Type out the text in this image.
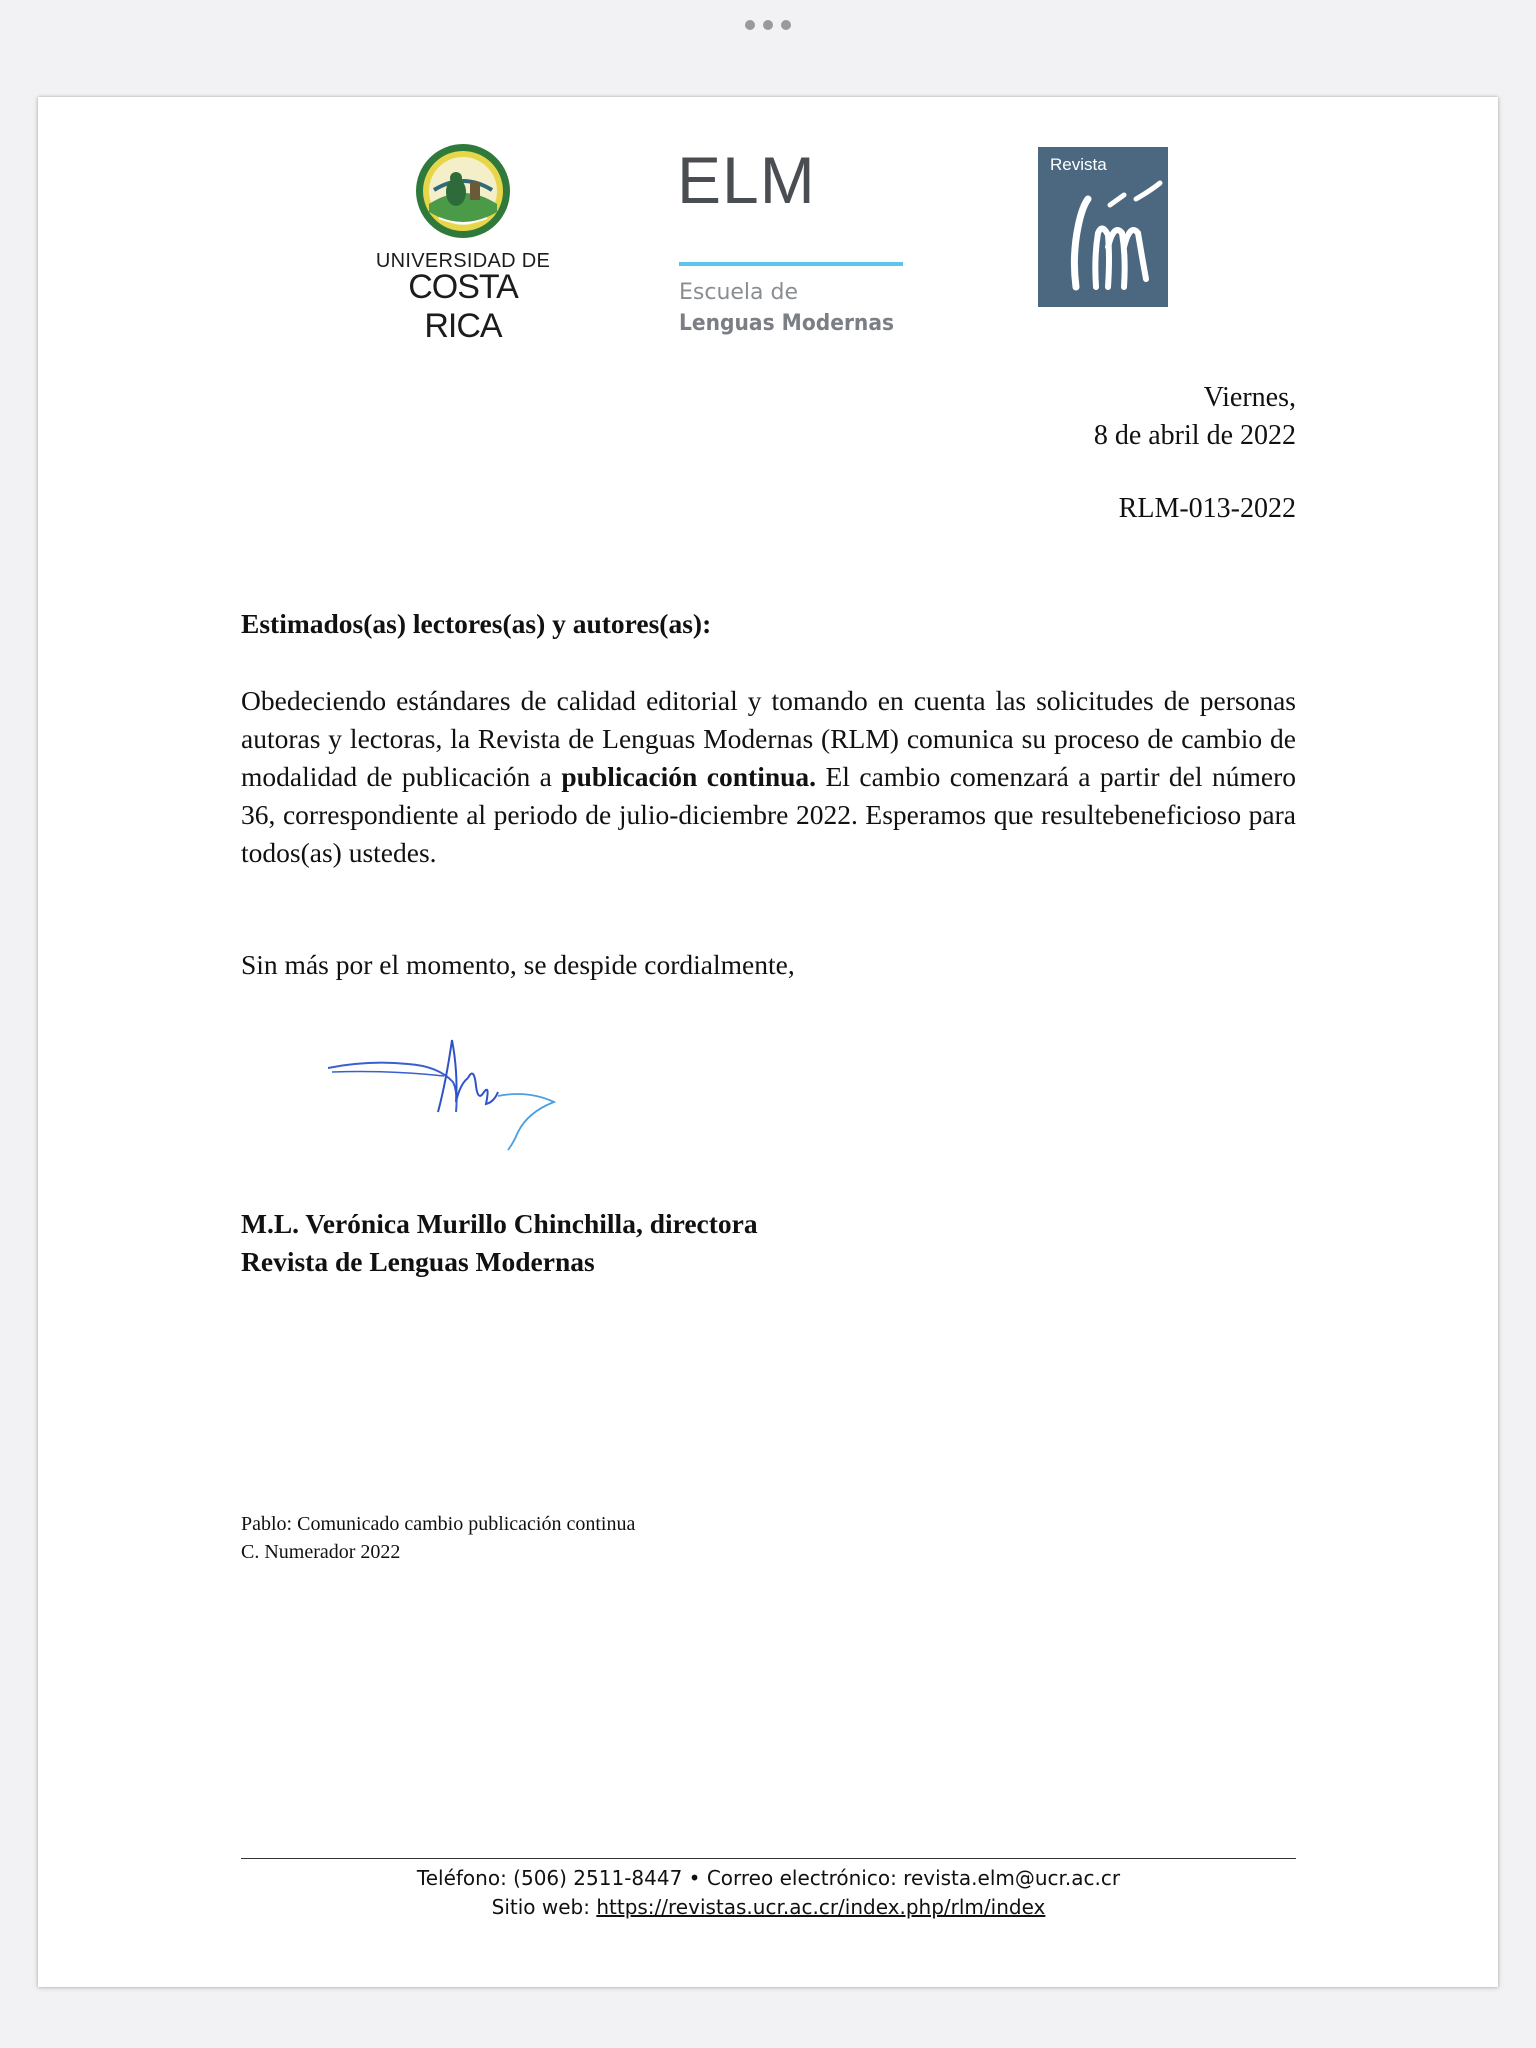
UNIVERSIDAD DE
COSTA RICA
ELM
Escuela de
Lenguas Modernas
Revista
Viernes,
8 de abril de 2022
RLM-013-2022
Estimados(as) lectores(as) y autores(as):
Obedeciendo estándares de calidad editorial y tomando en cuenta las solicitudes de personas autoras y lectoras, la Revista de Lenguas Modernas (RLM) comunica su proceso de cambio de modalidad de publicación a publicación continua. El cambio comenzará a partir del número 36, correspondiente al periodo de julio-diciembre 2022. Esperamos que resultebeneficioso para todos(as) ustedes.
Sin más por el momento, se despide cordialmente,
M.L. Verónica Murillo Chinchilla, directora
Revista de Lenguas Modernas
Pablo: Comunicado cambio publicación continua
C. Numerador 2022
Teléfono: (506) 2511-8447 • Correo electrónico: revista.elm@ucr.ac.cr
Sitio web: https://revistas.ucr.ac.cr/index.php/rlm/index
